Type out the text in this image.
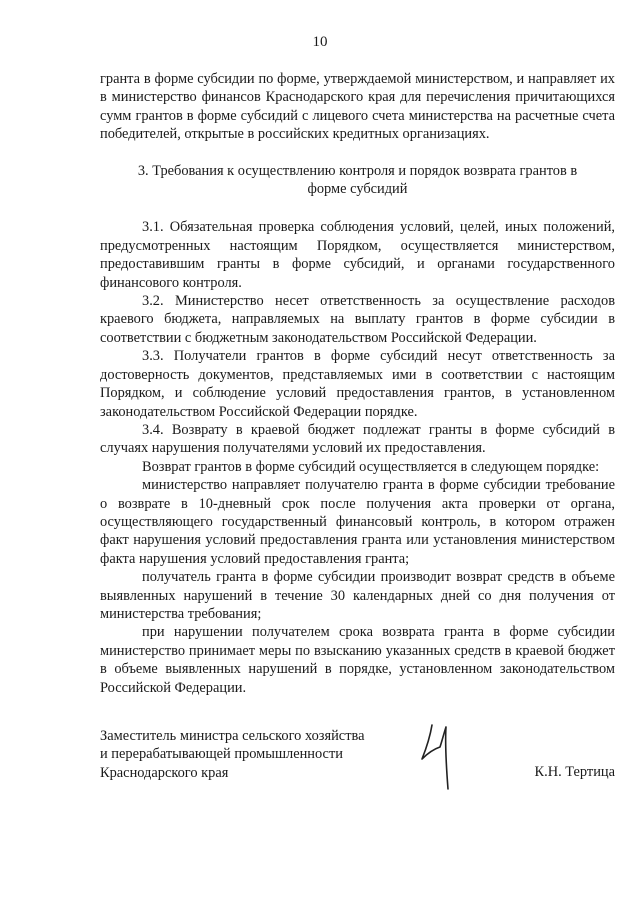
10

гранта в форме субсидии по форме, утверждаемой министерством, и направляет их в министерство финансов Краснодарского края для перечисления причитающихся сумм грантов в форме субсидий с лицевого счета министерства на расчетные счета победителей, открытые в российских кредитных организациях.

3. Требования к осуществлению контроля и порядок возврата грантов в форме субсидий

3.1. Обязательная проверка соблюдения условий, целей, иных положений, предусмотренных настоящим Порядком, осуществляется министерством, предоставившим гранты в форме субсидий, и органами государственного финансового контроля.

3.2. Министерство несет ответственность за осуществление расходов краевого бюджета, направляемых на выплату грантов в форме субсидии в соответствии с бюджетным законодательством Российской Федерации.

3.3. Получатели грантов в форме субсидий несут ответственность за достоверность документов, представляемых ими в соответствии с настоящим Порядком, и соблюдение условий предоставления грантов, в установленном законодательством Российской Федерации порядке.

3.4. Возврату в краевой бюджет подлежат гранты в форме субсидий в случаях нарушения получателями условий их предоставления.

Возврат грантов в форме субсидий осуществляется в следующем порядке:

министерство направляет получателю гранта в форме субсидии требование о возврате в 10-дневный срок после получения акта проверки от органа, осуществляющего государственный финансовый контроль, в котором отражен факт нарушения условий предоставления гранта или установления министерством факта нарушения условий предоставления гранта;

получатель гранта в форме субсидии производит возврат средств в объеме выявленных нарушений в течение 30 календарных дней со дня получения от министерства требования;

при нарушении получателем срока возврата гранта в форме субсидии министерство принимает меры по взысканию указанных средств в краевой бюджет в объеме выявленных нарушений в порядке, установленном законодательством Российской Федерации.

Заместитель министра сельского хозяйства
и перерабатывающей промышленности
Краснодарского края	К.Н. Тертица
